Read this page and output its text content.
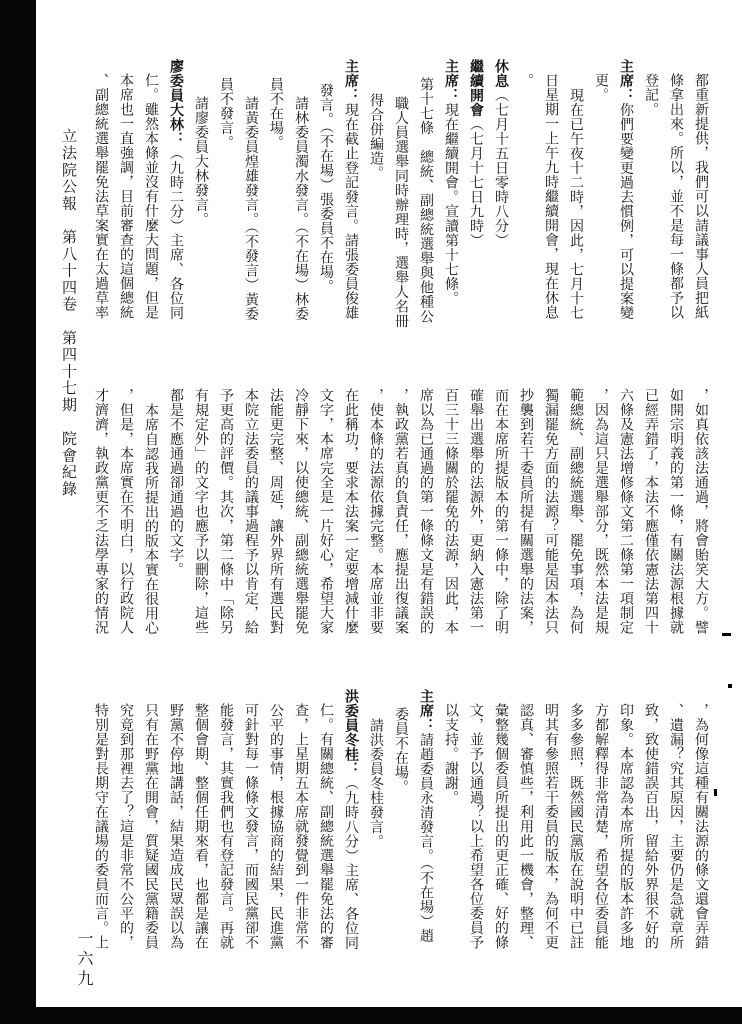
立法院公報　第八十四卷　第四十七期　院會紀錄
一六九
都重新提供，我們可以請議事人員把紙
條拿出來。所以，並不是每一條都予以
登記。
主席：你們要變更過去慣例，可以提案變
更。
現在已午夜十二時，因此，七月十七
日星期一上午九時繼續開會，現在休息
。
休息（七月十五日零時八分）
繼續開會（七月十七日九時）
主席：現在繼續開會。宣讀第十七條。
第十七條　總統、副總統選舉與他種公
職人員選舉同時辦理時，選舉人名冊
得合併編造。
主席：現在截止登記發言。請張委員俊雄
發言。（不在場）張委員不在場。
請林委員濁水發言。（不在場）林委
員不在場。
請黃委員煌雄發言。（不發言）黃委
員不發言。
請廖委員大林發言。
廖委員大林：（九時二分）主席、各位同
仁。雖然本條並沒有什麼大問題，但是
本席也一直強調，目前審查的這個總統
、副總統選舉罷免法草案實在太過草率
，如真依該法通過，將會貽笑大方。譬
如開宗明義的第一條，有關法源根據就
已經弄錯了，本法不應僅依憲法第四十
六條及憲法增修條文第二條第一項制定
，因為這只是選舉部分，既然本法是規
範總統、副總統選舉、罷免事項，為何
獨漏罷免方面的法源？可能是因本法只
抄襲到若干委員所提有關選舉的法案，
而在本席所提版本的第一條中，除了明
確舉出選舉的法源外，更納入憲法第一
百三十三條關於罷免的法源，因此，本
席以為已通過的第一條條文是有錯誤的
，執政黨若真的負責任，應提出復議案
，使本條的法源依據完整。本席並非要
在此稱功，要求本法案一定要增減什麼
文字，本席完全是一片好心，希望大家
冷靜下來，以使總統、副總統選舉罷免
法能更完整、周延，讓外界所有選民對
本院立法委員的議事過程予以肯定，給
予更高的評價。其次，第二條中「除另
有規定外」的文字也應予以刪除，這些
都是不應通過卻通過的文字。
本席自認我所提出的版本實在很用心
，但是，本席實在不明白，以行政院人
才濟濟，執政黨更不乏法學專家的情況
，為何像這種有關法源的條文還會弄錯
、遺漏？究其原因，主要仍是急就章所
致，致使錯誤百出，留給外界很不好的
印象。本席認為本席所提的版本許多地
方都解釋得非常清楚，希望各位委員能
多多參照，既然國民黨版在說明中已註
明其有參照若干委員的版本，為何不更
認真、審慎些，利用此一機會，整理、
彙整幾個委員所提出的更正確、好的條
文，並予以通過？以上希望各位委員予
以支持。謝謝。
主席：請趙委員永清發言。（不在場）趙
委員不在場。
請洪委員冬桂發言。
洪委員冬桂：（九時八分）主席、各位同
仁。有關總統、副總統選舉罷免法的審
查，上星期五本席就發覺到一件非常不
公平的事情，根據協商的結果，民進黨
可針對每一條條文發言，而國民黨卻不
能發言，其實我們也有登記發言。再就
整個會期、整個任期來看，也都是讓在
野黨不停地講話，結果造成民眾誤以為
只有在野黨在開會，質疑國民黨籍委員
究竟到那裡去了？這是非常不公平的，
特別是對長期守在議場的委員而言。上
